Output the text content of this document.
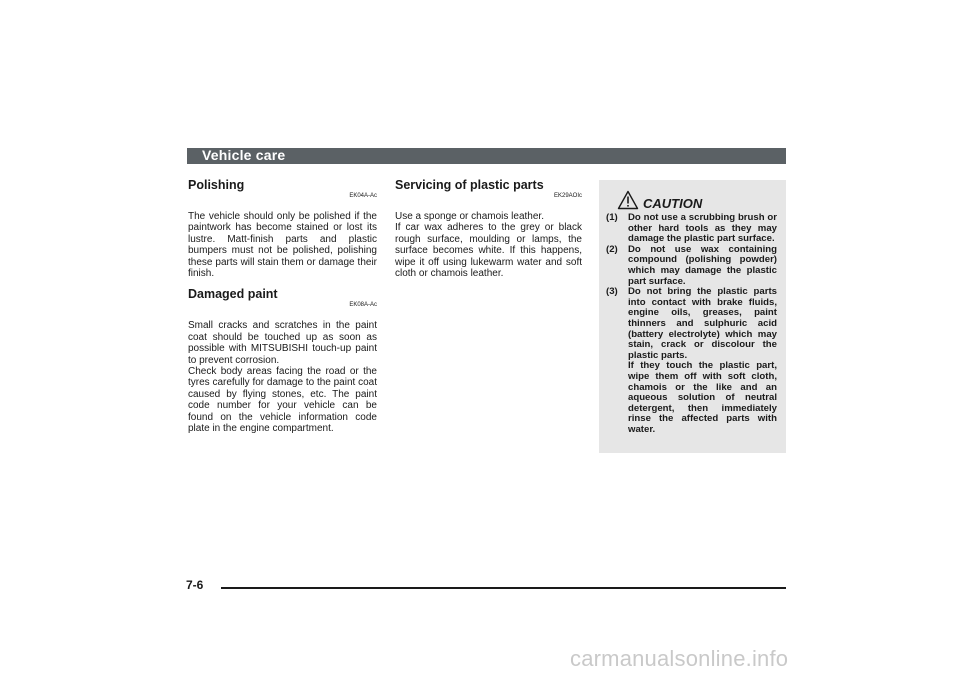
Vehicle care
Polishing
EK04A-Ac

The vehicle should only be polished if the paintwork has become stained or lost its lustre. Matt-finish parts and plastic bumpers must not be polished, polishing these parts will stain them or damage their finish.

Damaged paint
EK08A-Ac

Small cracks and scratches in the paint coat should be touched up as soon as possible with MITSUBISHI touch-up paint to prevent corrosion.

Check body areas facing the road or the tyres carefully for damage to the paint coat caused by flying stones, etc. The paint code number for your vehicle can be found on the vehicle information code plate in the engine compartment.

Servicing of plastic parts
EK29AOIc

Use a sponge or chamois leather.

If car wax adheres to the grey or black rough surface, moulding or lamps, the surface becomes white. If this happens, wipe it off using lukewarm water and soft cloth or chamois leather.

CAUTION
(1) Do not use a scrubbing brush or other hard tools as they may damage the plastic part surface.
(2) Do not use wax containing compound (polishing powder) which may damage the plastic part surface.
(3) Do not bring the plastic parts into contact with brake fluids, engine oils, greases, paint thinners and sulphuric acid (battery electrolyte) which may stain, crack or discolour the plastic parts.
If they touch the plastic part, wipe them off with soft cloth, chamois or the like and an aqueous solution of neutral detergent, then immediately rinse the affected parts with water.
7-6
carmanualsonline.info
